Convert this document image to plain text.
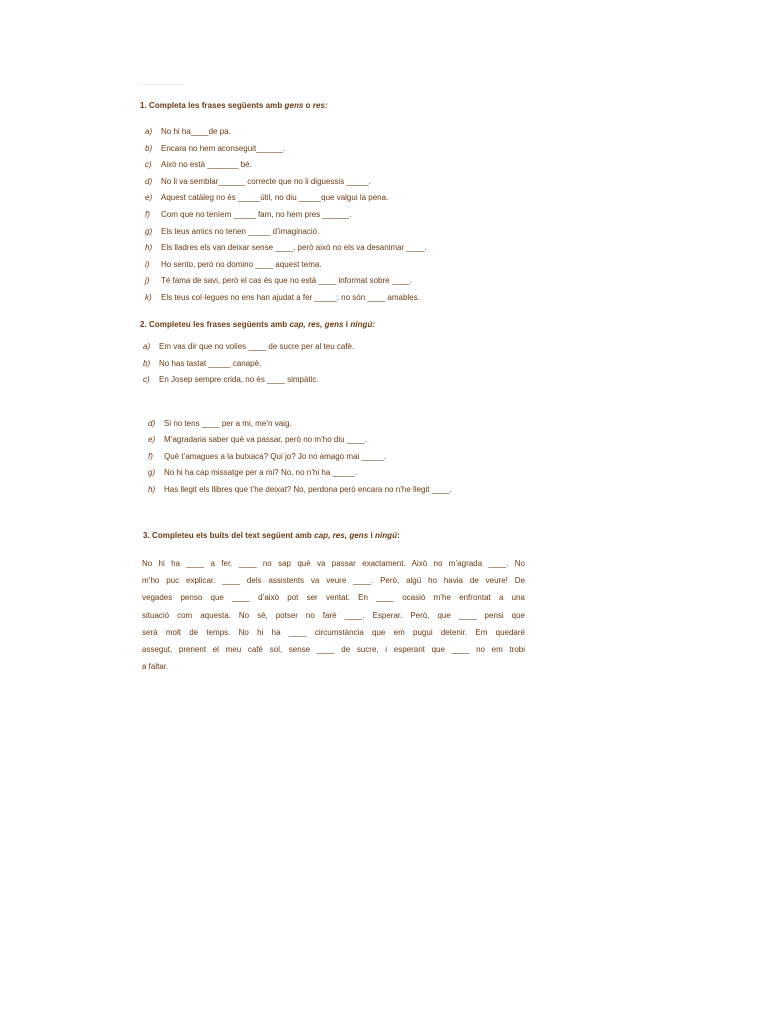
1. Completa les frases següents amb gens o res:
a)	No hi ha____de pa.
b)	Encara no hem aconseguit______.
c)	Això no està _______ bé.
d)	No li va semblar______ correcte que no li diguessis _____.
e)	Aquest catàleg no és _____útil, no diu _____que valgui la pena.
f)	Com que no teníem _____ fam, no hem pres ______.
g)	Els teus amics no tenen _____ d’imaginació.
h)	Els lladres els van deixar sense ____, però això no els va desanimar ____.
i)	Ho sento, però no domino ____ aquest tema.
j)	Té fama de savi, però el cas és que no està ____ informat sobre ____.
k)	Els teus col·legues no ens han ajudat a fer _____: no són ____ amables.
2. Completeu les frases següents amb cap, res, gens i ningú:
a)	Em vas dir que no volies ____ de sucre per al teu cafè.
b)	No has tastat _____ canapè.
c)	En Josep sempre crida, no és ____ simpàtic.
d)	Si no tens ____ per a mi, me’n vaig.
e)	M’agradaria saber què va passar, però no m’ho diu ____.
f)	Què t’amagues a la butxaca? Qui jo? Jo no amago mai _____.
g)	No hi ha cap missatge per a mi? No, no n’hi ha _____.
h)	Has llegit els llibres que t’he deixat? No, perdona però encara no n’he llegit ____.
3. Completeu els buits del text següent amb cap, res, gens i ningú:
No hi ha ____ a fer. ____ no sap què va passar exactament. Això no m’agrada ____. No
m’ho puc explicar. ____ dels assistents va veure ____. Però, algú ho havia de veure! De
vegades penso que ____ d’això pot ser veritat. En ____ ocasió m’he enfrontat a una
situació com aquesta. No sé, potser no faré ____. Esperar. Però, que ____ pensi que
serà molt de temps. No hi ha ____ circumstància que em pugui detenir. Em quedaré
assegut, prenent el meu cafè sol, sense ____ de sucre, i esperant que ____ no em trobi
a faltar.
